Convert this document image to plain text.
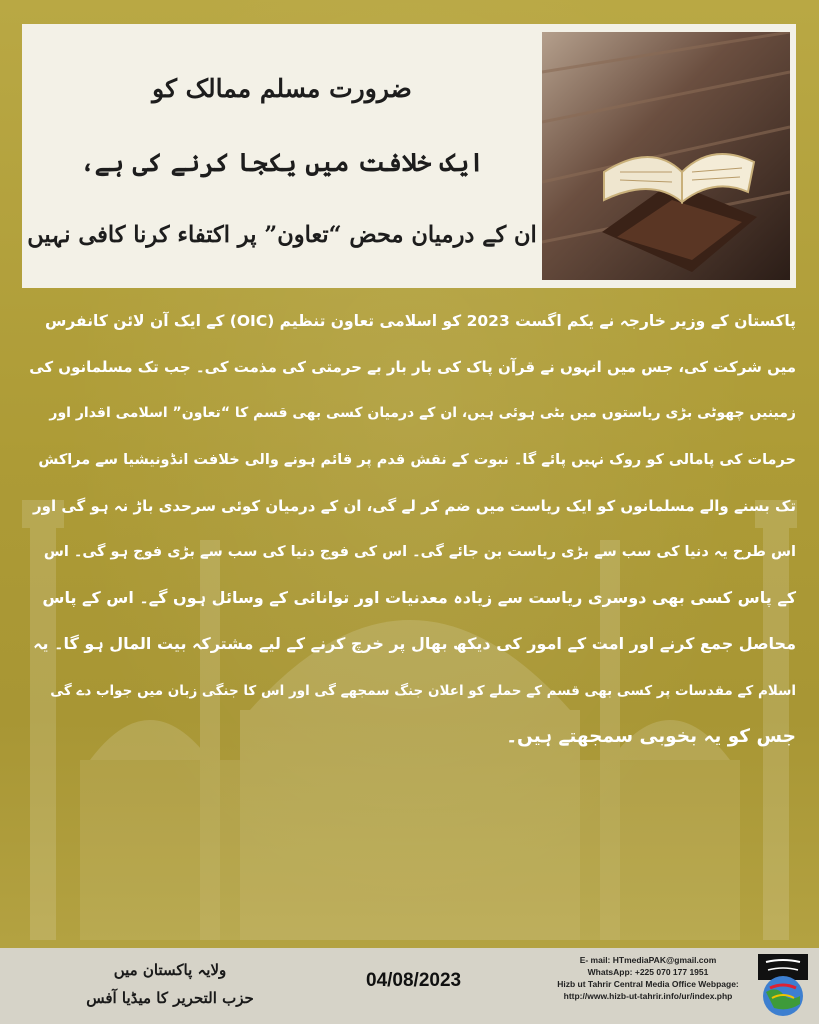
ضرورت مسلم ممالک کو
ایک خلافت میں یکجا کرنے کی ہے،
ان کے درمیان محض “تعاون” پر اکتفاء کرنا کافی نہیں
پاکستان کے وزیر خارجہ نے یکم اگست 2023 کو اسلامی تعاون تنظیم (OIC) کے ایک آن لائن کانفرس
میں شرکت کی، جس میں انہوں نے قرآن پاک کی بار بار بے حرمتی کی مذمت کی۔ جب تک مسلمانوں کی
زمینیں چھوٹی بڑی ریاستوں میں بٹی ہوئی ہیں، ان کے درمیان کسی بھی قسم کا “تعاون” اسلامی اقدار اور
حرمات کی پامالی کو روک نہیں پائے گا۔ نبوت کے نقش قدم پر قائم ہونے والی خلافت انڈونیشیا سے مراکش
تک بسنے والے مسلمانوں کو ایک ریاست میں ضم کر لے گی، ان کے درمیان کوئی سرحدی باڑ نہ ہو گی اور
اس طرح یہ دنیا کی سب سے بڑی ریاست بن جائے گی۔ اس کی فوج دنیا کی سب سے بڑی فوج ہو گی۔ اس
کے پاس کسی بھی دوسری ریاست سے زیادہ معدنیات اور توانائی کے وسائل ہوں گے۔ اس کے پاس
محاصل جمع کرنے اور امت کے امور کی دیکھ بھال پر خرچ کرنے کے لیے مشترکہ بیت المال ہو گا۔ یہ
اسلام کے مقدسات پر کسی بھی قسم کے حملے کو اعلان جنگ سمجھے گی اور اس کا جنگی زبان میں جواب دے گی
جس کو یہ بخوبی سمجھتے ہیں۔
ولایہ پاکستان میں
حزب التحریر کا میڈیا آفس
04/08/2023
E- mail: HTmediaPAK@gmail.com
WhatsApp: +225 070 177 1951
Hizb ut Tahrir Central Media Office Webpage:
http://www.hizb-ut-tahrir.info/ur/index.php
